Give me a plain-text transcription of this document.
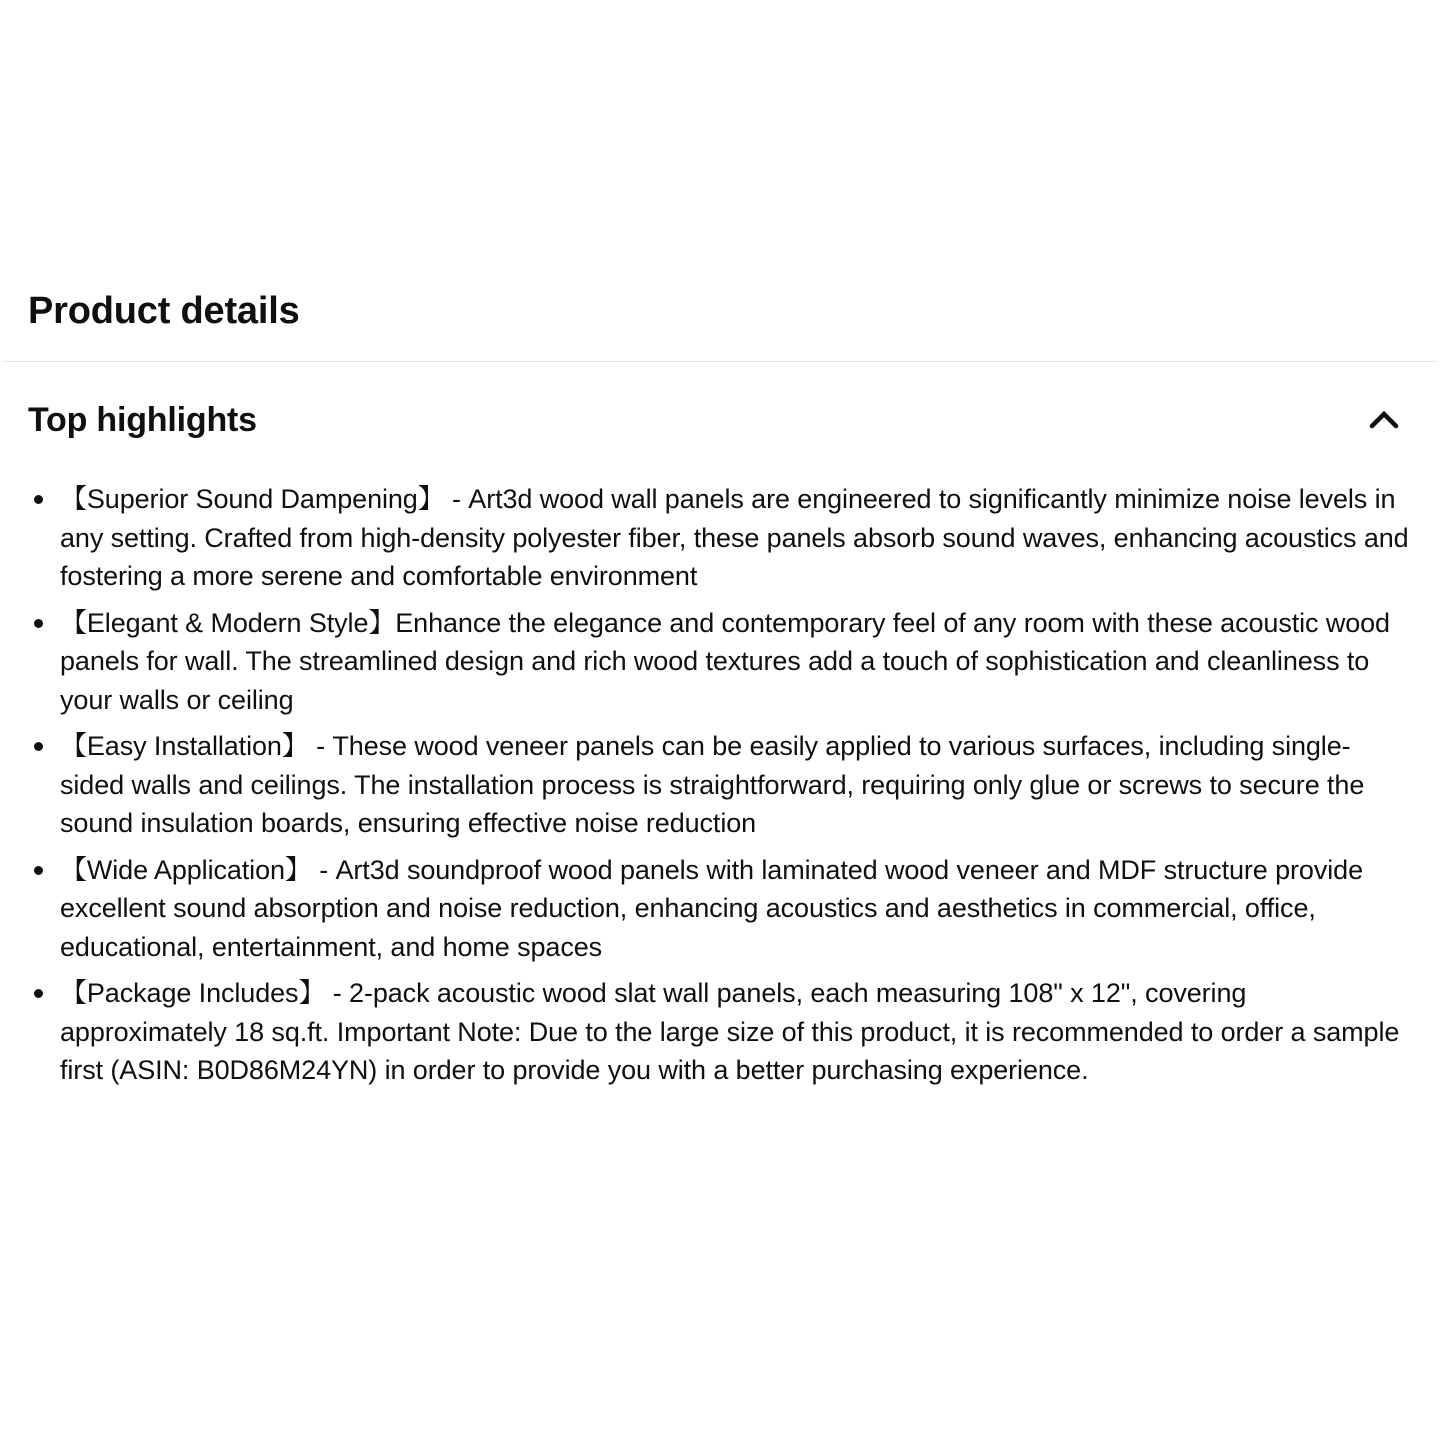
Product details
Top highlights
【Superior Sound Dampening】 - Art3d wood wall panels are engineered to significantly minimize noise levels in any setting. Crafted from high-density polyester fiber, these panels absorb sound waves, enhancing acoustics and fostering a more serene and comfortable environment
【Elegant & Modern Style】Enhance the elegance and contemporary feel of any room with these acoustic wood panels for wall. The streamlined design and rich wood textures add a touch of sophistication and cleanliness to your walls or ceiling
【Easy Installation】 - These wood veneer panels can be easily applied to various surfaces, including single-sided walls and ceilings. The installation process is straightforward, requiring only glue or screws to secure the sound insulation boards, ensuring effective noise reduction
【Wide Application】 - Art3d soundproof wood panels with laminated wood veneer and MDF structure provide excellent sound absorption and noise reduction, enhancing acoustics and aesthetics in commercial, office, educational, entertainment, and home spaces
【Package Includes】 - 2-pack acoustic wood slat wall panels, each measuring 108" x 12", covering approximately 18 sq.ft. Important Note: Due to the large size of this product, it is recommended to order a sample first (ASIN: B0D86M24YN) in order to provide you with a better purchasing experience.
